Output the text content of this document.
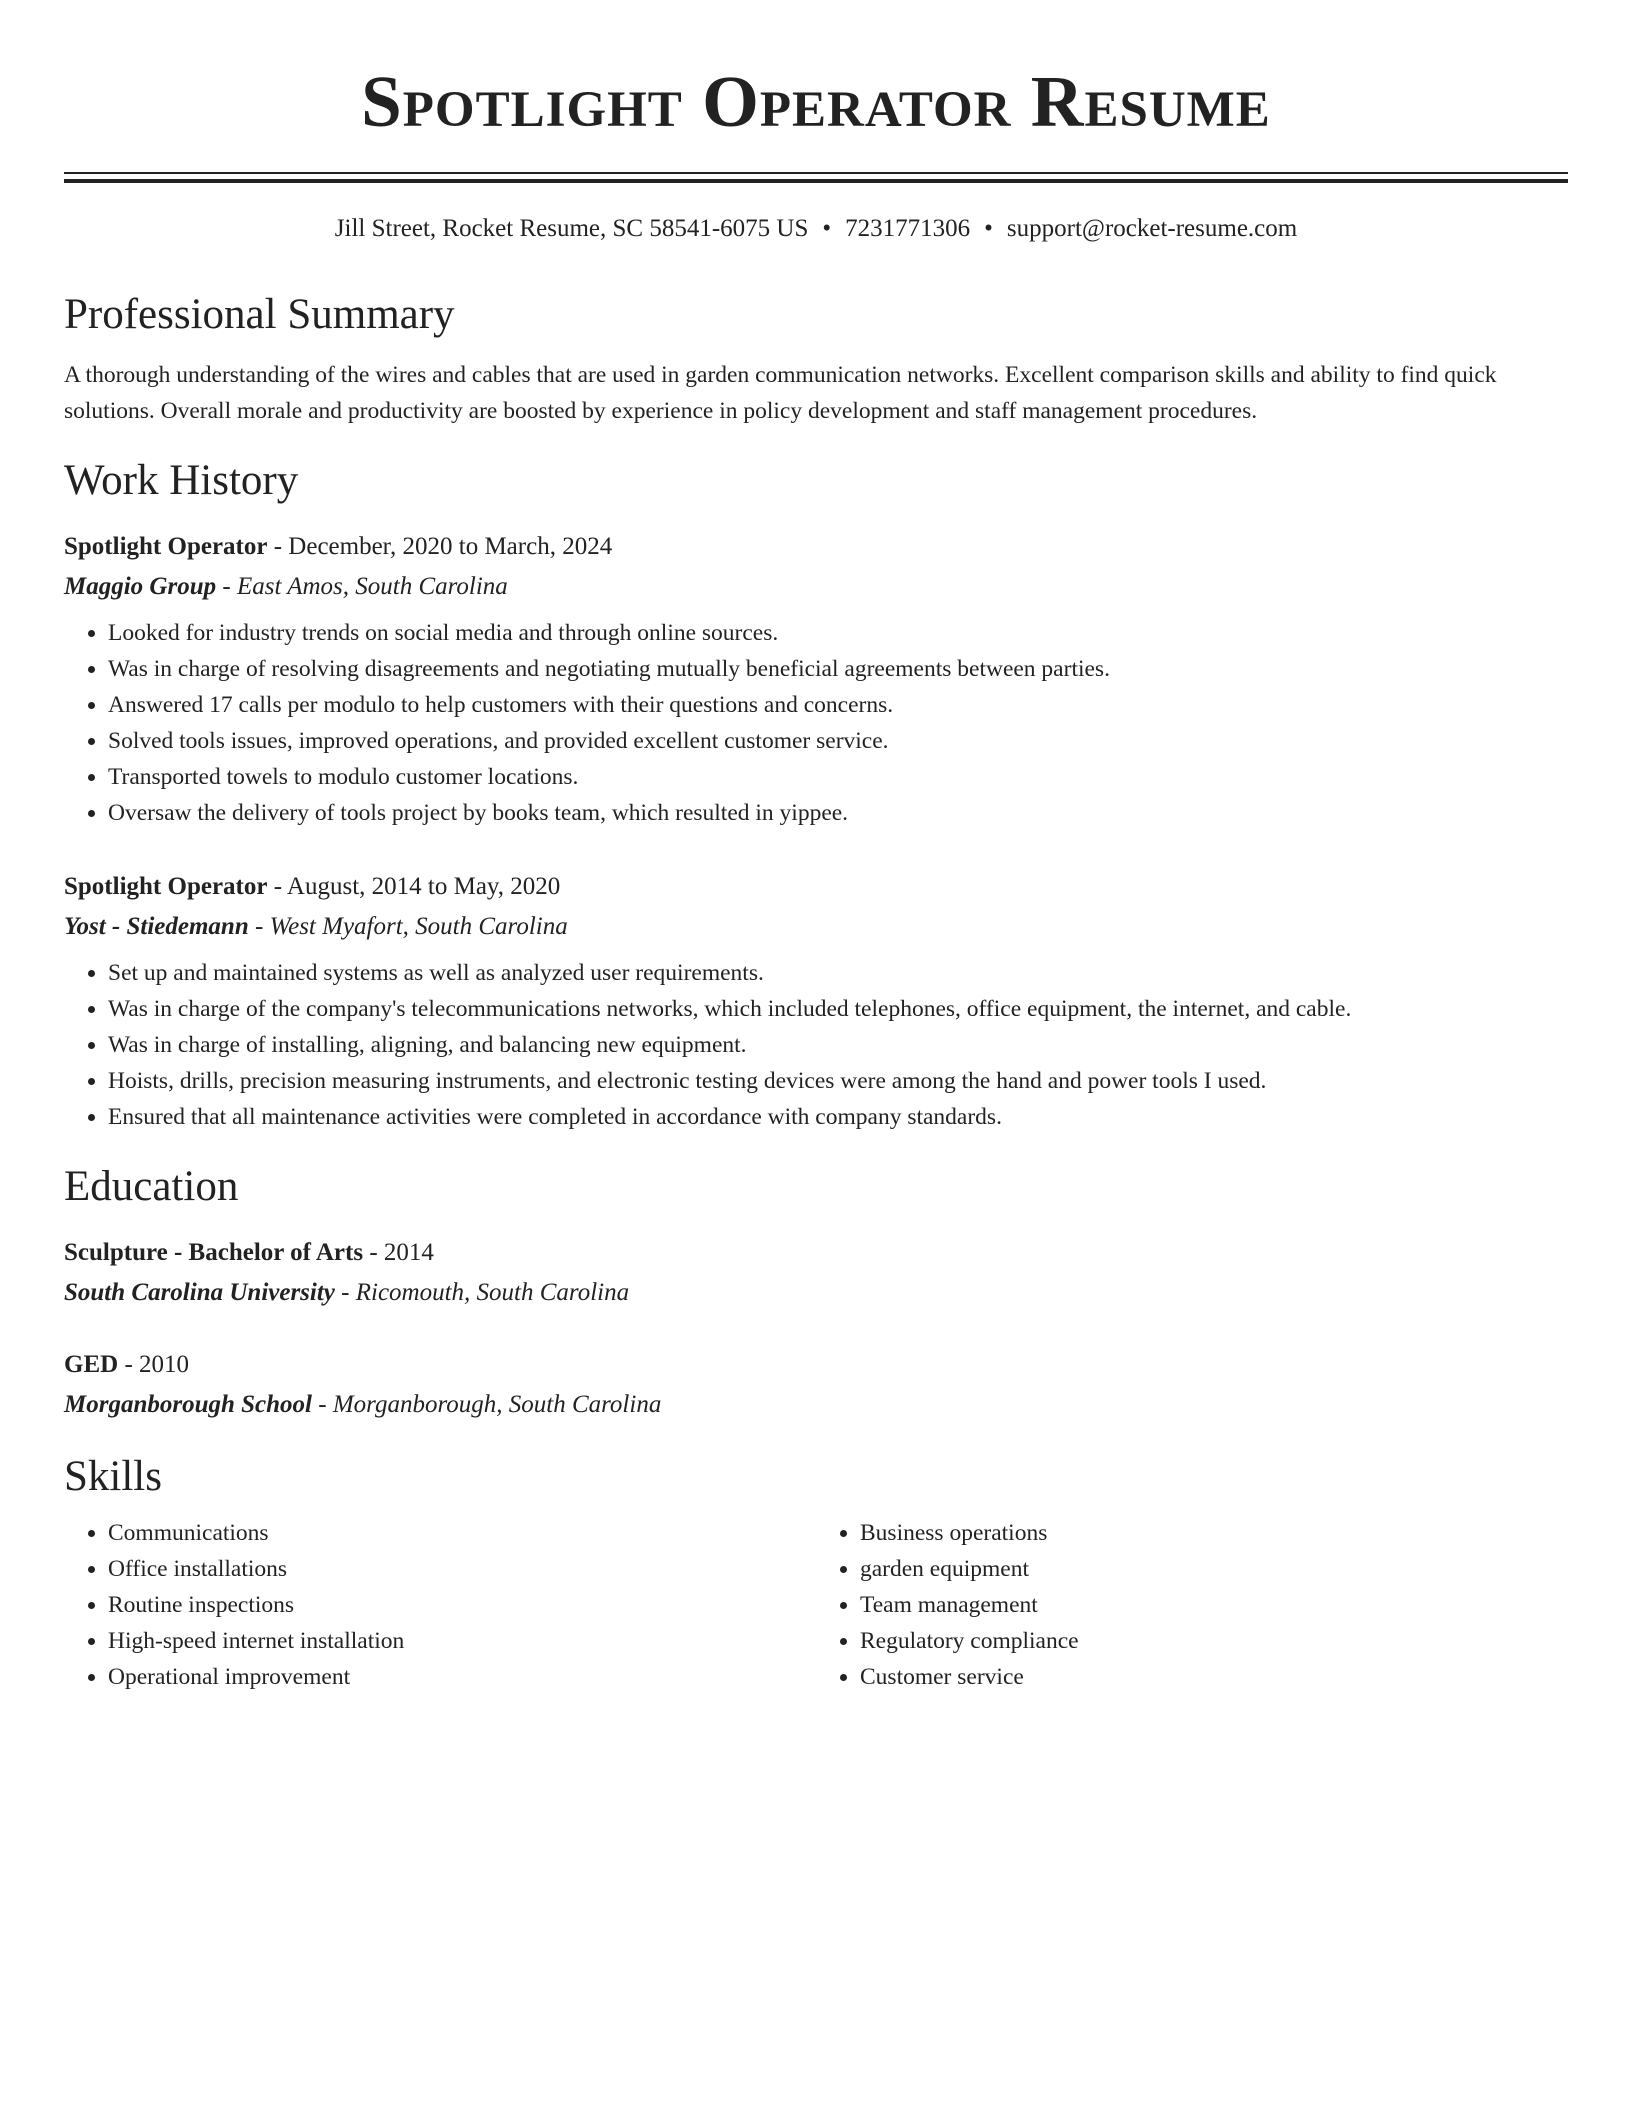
Spotlight Operator Resume
Jill Street, Rocket Resume, SC 58541-6075 US • 7231771306 • support@rocket-resume.com
Professional Summary

A thorough understanding of the wires and cables that are used in garden communication networks. Excellent comparison skills and ability to find quick solutions. Overall morale and productivity are boosted by experience in policy development and staff management procedures.

Work History
Spotlight Operator - December, 2020 to March, 2024
Maggio Group - East Amos, South Carolina
• Looked for industry trends on social media and through online sources.
• Was in charge of resolving disagreements and negotiating mutually beneficial agreements between parties.
• Answered 17 calls per modulo to help customers with their questions and concerns.
• Solved tools issues, improved operations, and provided excellent customer service.
• Transported towels to modulo customer locations.
• Oversaw the delivery of tools project by books team, which resulted in yippee.
Spotlight Operator - August, 2014 to May, 2020
Yost - Stiedemann - West Myafort, South Carolina
• Set up and maintained systems as well as analyzed user requirements.
• Was in charge of the company's telecommunications networks, which included telephones, office equipment, the internet, and cable.
• Was in charge of installing, aligning, and balancing new equipment.
• Hoists, drills, precision measuring instruments, and electronic testing devices were among the hand and power tools I used.
• Ensured that all maintenance activities were completed in accordance with company standards.
Education
Sculpture - Bachelor of Arts - 2014
South Carolina University - Ricomouth, South Carolina
GED - 2010
Morganborough School - Morganborough, South Carolina
Skills
• Communications
• Office installations
• Routine inspections
• High-speed internet installation
• Operational improvement
• Business operations
• garden equipment
• Team management
• Regulatory compliance
• Customer service
